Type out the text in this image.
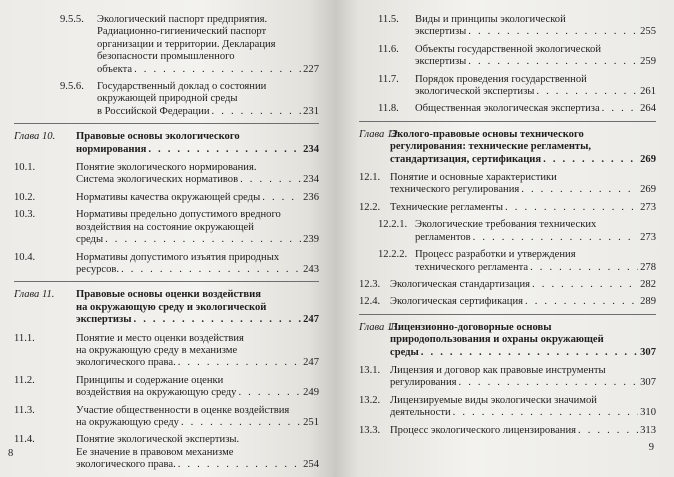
9.5.5.	Экологический паспорт предприятия.
Радиационно-гигиенический паспорт
организации и территории. Декларация
безопасности промышленного
объекта . . .	227
9.5.6.	Государственный доклад о состоянии
окружающей природной среды
в Российской Федерации . . .	231
Глава 10.	Правовые основы экологического
нормирования . . .	234
10.1.	Понятие экологического нормирования.
Система экологических нормативов . . .	234
10.2.	Нормативы качества окружающей среды . . .	236
10.3.	Нормативы предельно допустимого вредного
воздействия на состояние окружающей
среды . . .	239
10.4.	Нормативы допустимого изъятия природных
ресурсов. . . .	243
Глава 11.	Правовые основы оценки воздействия
на окружающую среду и экологической
экспертизы . . .	247
11.1.	Понятие и место оценки воздействия
на окружающую среду в механизме
экологического права. . . .	247
11.2.	Принципы и содержание оценки
воздействия на окружающую среду . . .	249
11.3.	Участие общественности в оценке воздействия
на окружающую среду . . .	251
11.4.	Понятие экологической экспертизы.
Ее значение в правовом механизме
экологического права. . . .	254
8
11.5.	Виды и принципы экологической
экспертизы . . .	255
11.6.	Объекты государственной экологической
экспертизы . . .	259
11.7.	Порядок проведения государственной
экологической экспертизы . . .	261
11.8.	Общественная экологическая экспертиза . . .	264
Глава 12.
Эколого-правовые основы технического
регулирования: технические регламенты,
стандартизация, сертификация . . .	269
12.1. Понятие и основные характеристики
технического регулирования . . .	269
12.2. Технические регламенты . . .	273
12.2.1. Экологические требования технических
регламентов . . .	273
12.2.2. Процесс разработки и утверждения
технического регламента . . .	278
12.3. Экологическая стандартизация . . .	282
12.4. Экологическая сертификация . . .	289
Глава 13.
Лицензионно-договорные основы
природопользования и охраны окружающей
среды . . .	307
13.1. Лицензия и договор как правовые инструменты
регулирования . . .	307
13.2. Лицензируемые виды экологически значимой
деятельности . . .	310
13.3. Процесс экологического лицензирования . . .	313
9
